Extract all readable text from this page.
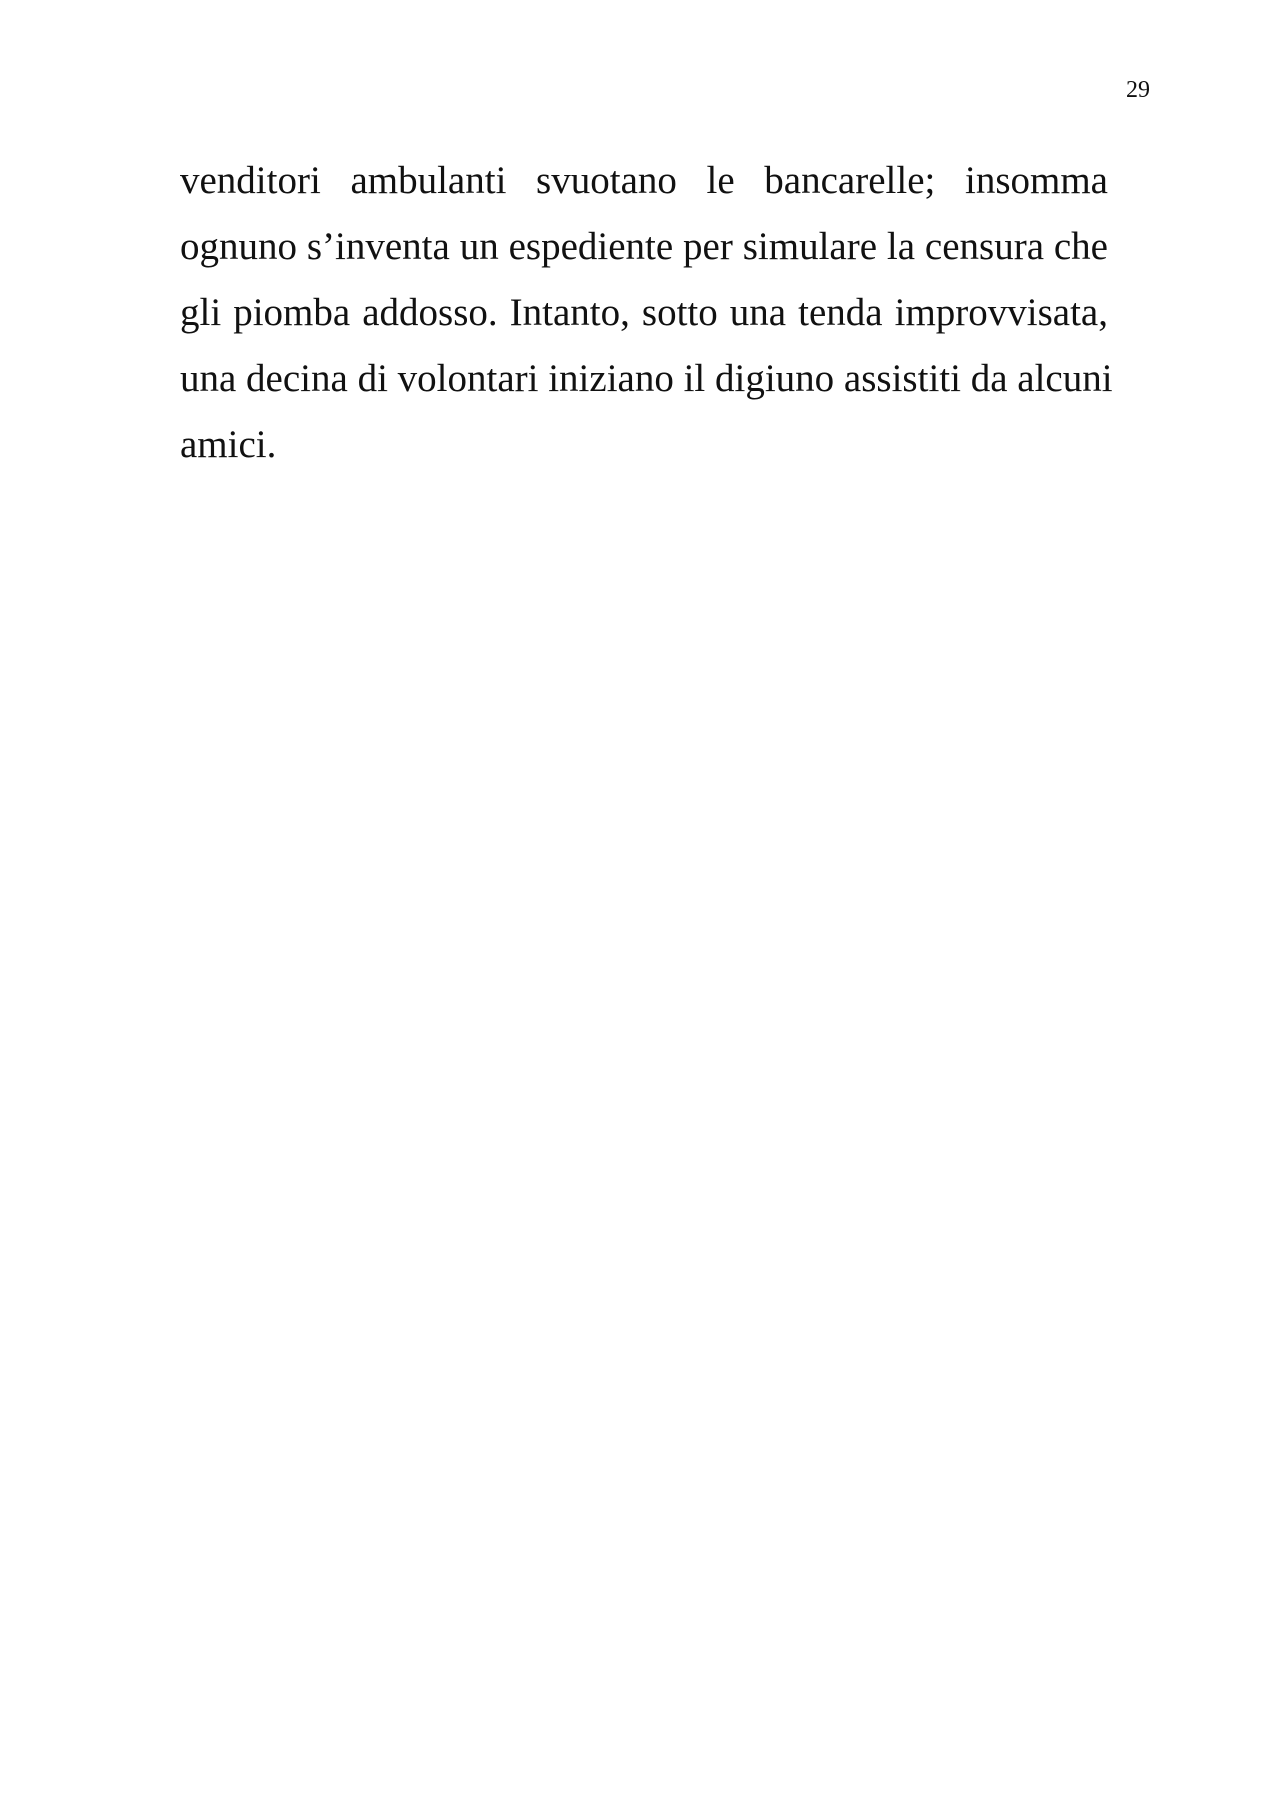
29
venditori ambulanti svuotano le bancarelle; insomma
ognuno s’inventa un espediente per simulare la censura che
gli piomba addosso. Intanto, sotto una tenda improvvisata,
una decina di volontari iniziano il digiuno assistiti da alcuni
amici.
